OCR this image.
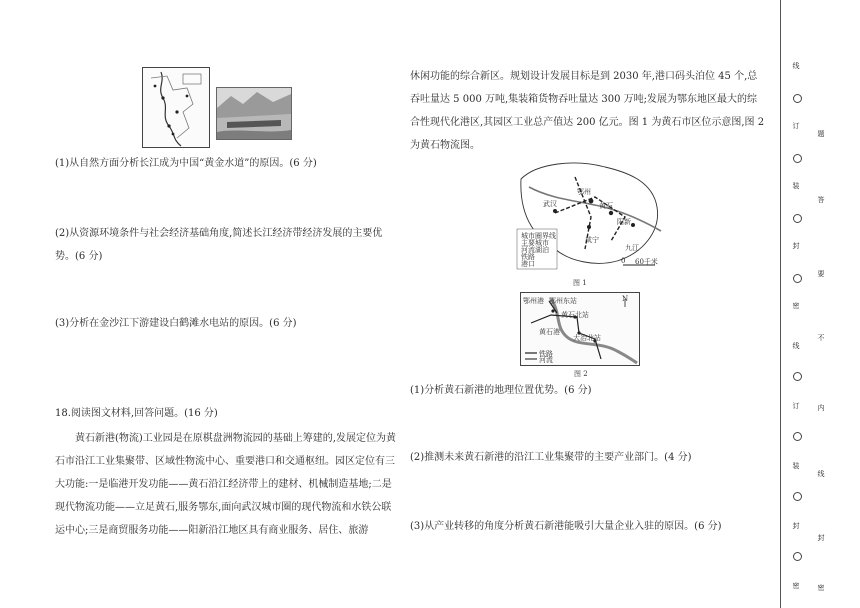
(1)从自然方面分析长江成为中国“黄金水道”的原因。(6 分)
(2)从资源环境条件与社会经济基础角度,简述长江经济带经济发展的主要优
势。(6 分)
(3)分析在金沙江下游建设白鹤滩水电站的原因。(6 分)
18.阅读图文材料,回答问题。(16 分)
黄石新港(物流)工业园是在原棋盘洲物流园的基础上筹建的,发展定位为黄石市沿江工业集聚带、区域性物流中心、重要港口和交通枢纽。园区定位有三大功能:一是临港开发功能——黄石沿江经济带上的建材、机械制造基地;二是现代物流功能——立足黄石,服务鄂东,面向武汉城市圈的现代物流和水铁公联运中心;三是商贸服务功能——阳新沿江地区具有商业服务、居住、旅游
休闲功能的综合新区。规划设计发展目标是到 2030 年,港口码头泊位 45 个,总吞吐量达 5 000 万吨,集装箱货物吞吐量达 300 万吨;发展为鄂东地区最大的综合性现代化港区,其园区工业总产值达 200 亿元。图 1 为黄石市区位示意图,图 2 为黄石物流图。
武汉
鄂州
黄石
咸宁
阳新
九江
城市圈界线
主要城市
河流湖泊
铁路
港口	0 60千米
图 1
N
鄂州港 鄂州东站
黄石北站
黄石港
大冶北站
铁路
河流
图 2
(1)分析黄石新港的地理位置优势。(6 分)
(2)推测未来黄石新港的沿江工业集聚带的主要产业部门。(4 分)
(3)从产业转移的角度分析黄石新港能吸引大量企业入驻的原因。(6 分)
线
订
装
封
密
线
订
装
封
密
题
答
要
不
内
线
封
密
